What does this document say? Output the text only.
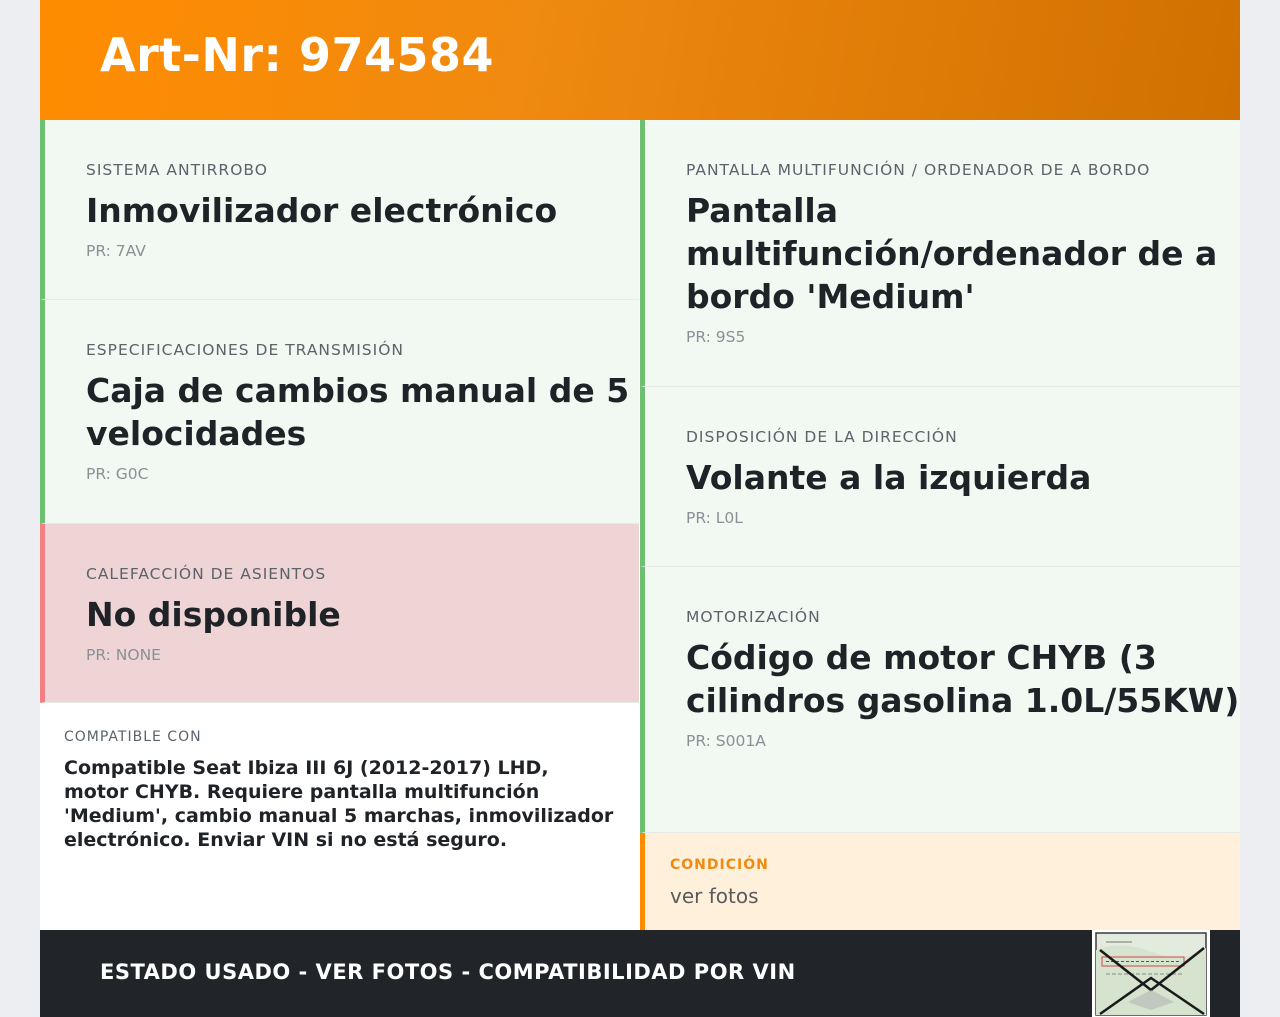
Art-Nr: 974584
SISTEMA ANTIRROBO
Inmovilizador electrónico
PR: 7AV
ESPECIFICACIONES DE TRANSMISIÓN
Caja de cambios manual de 5 velocidades
PR: G0C
CALEFACCIÓN DE ASIENTOS
No disponible
PR: NONE
COMPATIBLE CON
Compatible Seat Ibiza III 6J (2012-2017) LHD, motor CHYB. Requiere pantalla multifunción 'Medium', cambio manual 5 marchas, inmovilizador electrónico. Enviar VIN si no está seguro.
PANTALLA MULTIFUNCIÓN / ORDENADOR DE A BORDO
Pantalla multifunción/ordenador de a bordo 'Medium'
PR: 9S5
DISPOSICIÓN DE LA DIRECCIÓN
Volante a la izquierda
PR: L0L
MOTORIZACIÓN
Código de motor CHYB (3 cilindros gasolina 1.0L/55KW)
PR: S001A
CONDICIÓN
ver fotos
ESTADO USADO - VER FOTOS - COMPATIBILIDAD POR VIN
